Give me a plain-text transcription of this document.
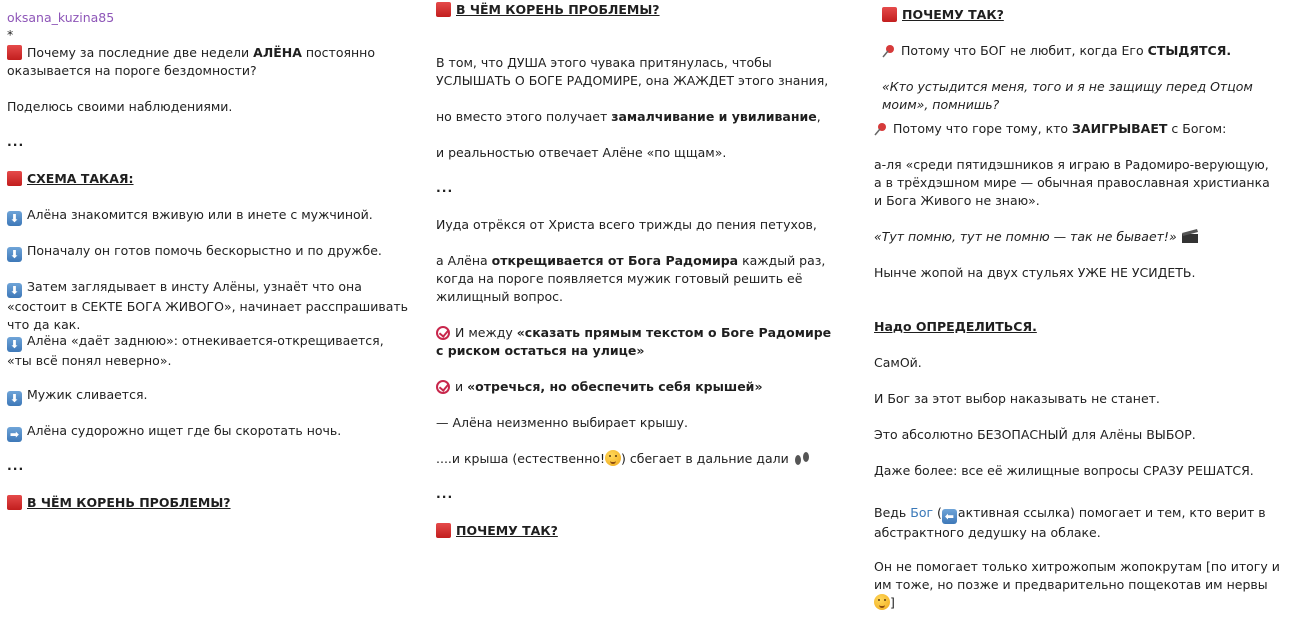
oksana_kuzina85
*
Почему за последние две недели АЛЁНА постоянно оказывается на пороге бездомности?
Поделюсь своими наблюдениями.
...
СХЕМА ТАКАЯ:
⬇ Алёна знакомится вживую или в инете с мужчиной.
⬇ Поначалу он готов помочь бескорыстно и по дружбе.
⬇ Затем заглядывает в инсту Алёны, узнаёт что она «состоит в СЕКТЕ БОГА ЖИВОГО», начинает расспрашивать что да как.
⬇ Алёна «даёт заднюю»: отнекивается-открещивается, «ты всё понял неверно».
⬇ Мужик сливается.
➡ Алёна судорожно ищет где бы скоротать ночь.
...
В ЧЁМ КОРЕНЬ ПРОБЛЕМЫ?
В ЧЁМ КОРЕНЬ ПРОБЛЕМЫ?
В том, что ДУША этого чувака притянулась, чтобы УСЛЫШАТЬ О БОГЕ РАДОМИРЕ, она ЖАЖДЕТ этого знания,
но вместо этого получает замалчивание и увиливание,
и реальностью отвечает Алёне «по щщам».
...
Иуда отрёкся от Христа всего трижды до пения петухов,
а Алёна открещивается от Бога Радомира каждый раз, когда на пороге появляется мужик готовый решить её жилищный вопрос.
И между «сказать прямым текстом о Боге Радомире с риском остаться на улице»
и «отречься, но обеспечить себя крышей»
— Алёна неизменно выбирает крышу.
....и крыша (естественно! ) сбегает в дальние дали
...
ПОЧЕМУ ТАК?
ПОЧЕМУ ТАК?
Потому что БОГ не любит, когда Его СТЫДЯТСЯ.
«Кто устыдится меня, того и я не защищу перед Отцом моим», помнишь?
Потому что горе тому, кто ЗАИГРЫВАЕТ с Богом:
а-ля «среди пятидэшников я играю в Радомиро-верующую, а в трёхдэшном мире — обычная православная христианка и Бога Живого не знаю».
«Тут помню, тут не помню — так не бывает!»
Нынче жопой на двух стульях УЖЕ НЕ УСИДЕТЬ.
Надо ОПРЕДЕЛИТЬСЯ.
СамОй.
И Бог за этот выбор наказывать не станет.
Это абсолютно БЕЗОПАСНЫЙ для Алёны ВЫБОР.
Даже более: все её жилищные вопросы СРАЗУ РЕШАТСЯ.
Ведь Бог ( ⬅ активная ссылка) помогает и тем, кто верит в абстрактного дедушку на облаке.
Он не помогает только хитрожопым жопокрутам [по итогу и им тоже, но позже и предварительно пощекотав им нервы]
